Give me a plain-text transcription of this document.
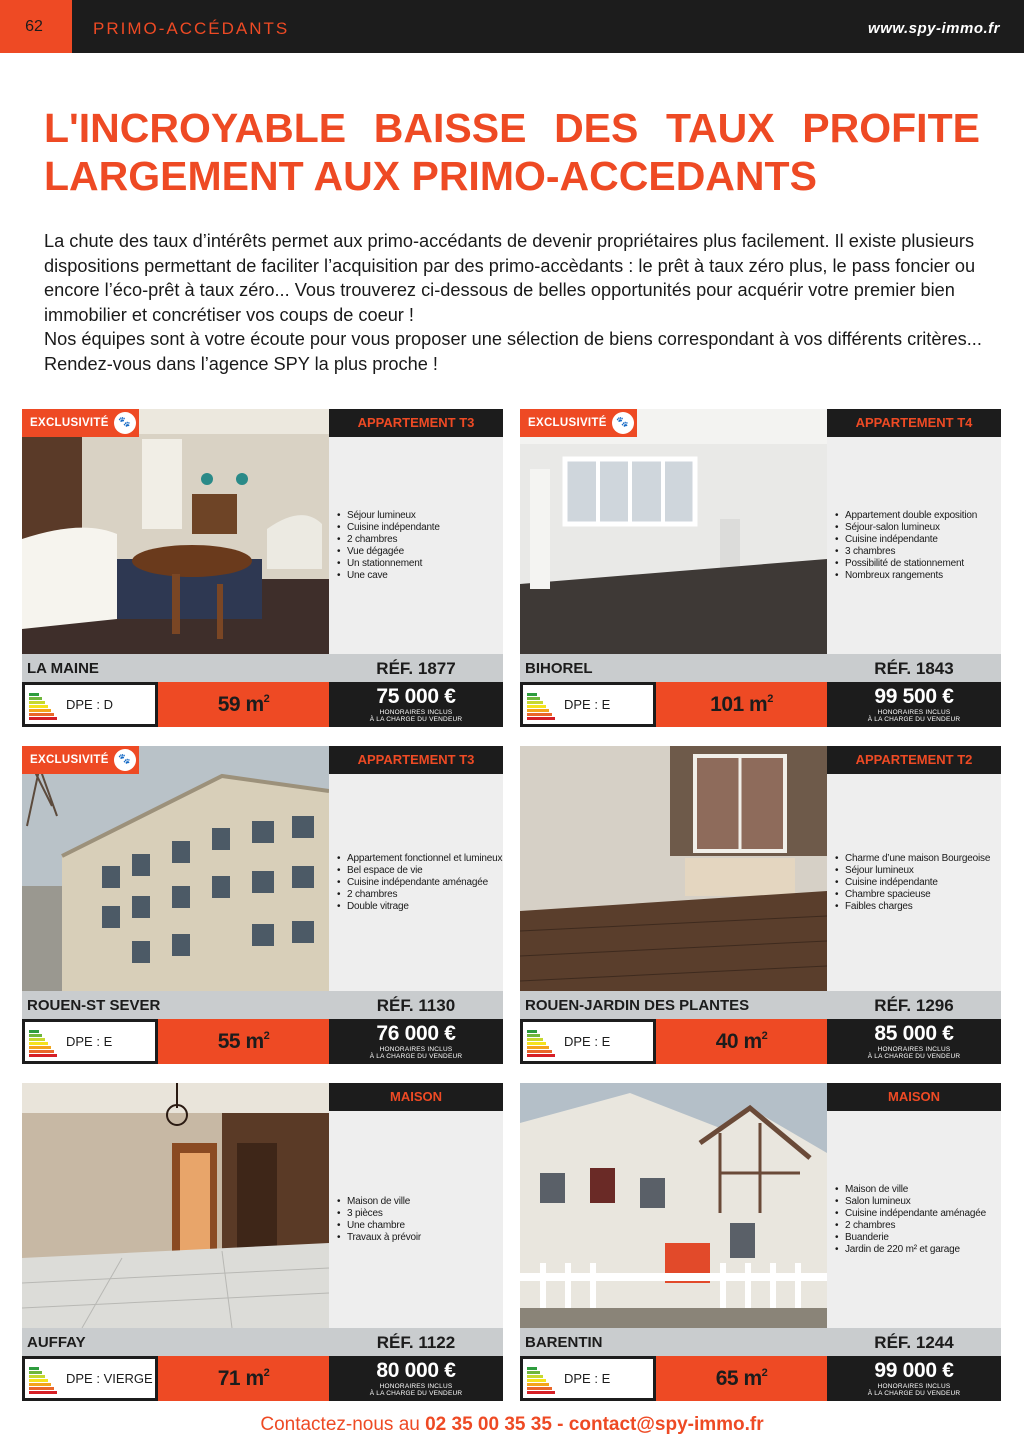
62	PRIMO-ACCÉDANTS	www.spy-immo.fr
L'INCROYABLE BAISSE DES TAUX PROFITE
LARGEMENT AUX PRIMO-ACCEDANTS

La chute des taux d’intérêts permet aux primo-accédants de devenir propriétaires plus facilement. Il existe plusieurs dispositions permettant de faciliter l’acquisition par des primo-accèdants : le prêt à taux zéro plus, le pass foncier ou encore l’éco-prêt à taux zéro... Vous trouverez ci-dessous de belles opportunités pour acquérir votre premier bien immobilier et concrétiser vos coups de coeur !

Nos équipes sont à votre écoute pour vous proposer une sélection de biens correspondant à vos différents critères... Rendez-vous dans l’agence SPY la plus proche !

EXCLUSIVITÉ 🐾	APPARTEMENT T3
• Séjour lumineux
• Cuisine indépendante
• 2 chambres
• Vue dégagée
• Un stationnement
• Une cave
LA MAINE	RÉF. 1877
DPE : D	59 $m^2$	75 000 €
HONORAIRES INCLUS
À LA CHARGE DU VENDEUR
EXCLUSIVITÉ 🐾	APPARTEMENT T4
• Appartement double exposition
• Séjour-salon lumineux
• Cuisine indépendante
• 3 chambres
• Possibilité de stationnement
• Nombreux rangements
BIHOREL	RÉF. 1843
DPE : E	101 $m^2$	99 500 €
HONORAIRES INCLUS
À LA CHARGE DU VENDEUR
EXCLUSIVITÉ 🐾	APPARTEMENT T3
• Appartement fonctionnel et lumineux
• Bel espace de vie
• Cuisine indépendante aménagée
• 2 chambres
• Double vitrage
ROUEN-ST SEVER	RÉF. 1130
DPE : E	55 $m^2$	76 000 €
HONORAIRES INCLUS
À LA CHARGE DU VENDEUR
APPARTEMENT T2
• Charme d’une maison Bourgeoise
• Séjour lumineux
• Cuisine indépendante
• Chambre spacieuse
• Faibles charges
ROUEN-JARDIN DES PLANTES	RÉF. 1296
DPE : E	40 $m^2$	85 000 €
HONORAIRES INCLUS
À LA CHARGE DU VENDEUR
MAISON
• Maison de ville
• 3 pièces
• Une chambre
• Travaux à prévoir
AUFFAY	RÉF. 1122
DPE : VIERGE	71 $m^2$	80 000 €
HONORAIRES INCLUS
À LA CHARGE DU VENDEUR
MAISON
• Maison de ville
• Salon lumineux
• Cuisine indépendante aménagée
• 2 chambres
• Buanderie
• Jardin de 220 m² et garage
BARENTIN	RÉF. 1244
DPE : E	65 $m^2$	99 000 €
HONORAIRES INCLUS
À LA CHARGE DU VENDEUR
Contactez-nous au 02 35 00 35 35 - contact@spy-immo.fr
